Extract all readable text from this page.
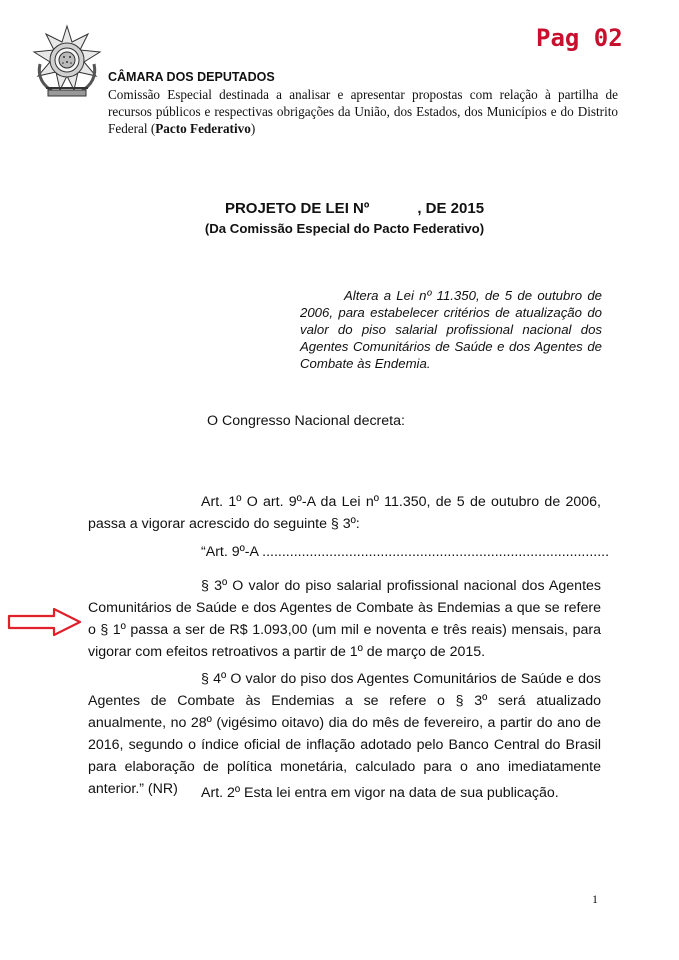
Pag 02
CÂMARA DOS DEPUTADOS
Comissão Especial destinada a analisar e apresentar propostas com relação à partilha de recursos públicos e respectivas obrigações da União, dos Estados, dos Municípios e do Distrito Federal (Pacto Federativo)
PROJETO DE LEI Nº	, DE 2015
(Da Comissão Especial do Pacto Federativo)
Altera a Lei nº 11.350, de 5 de outubro de 2006, para estabelecer critérios de atualização do valor do piso salarial profissional nacional dos Agentes Comunitários de Saúde e dos Agentes de Combate às Endemia.
O Congresso Nacional decreta:
Art. 1º O art. 9º-A da Lei nº 11.350, de 5 de outubro de 2006, passa a vigorar acrescido do seguinte § 3º:
“Art. 9º-A ........................................................................................
§ 3º O valor do piso salarial profissional nacional dos Agentes Comunitários de Saúde e dos Agentes de Combate às Endemias a que se refere o § 1º passa a ser de R$ 1.093,00 (um mil e noventa e três reais) mensais, para vigorar com efeitos retroativos a partir de 1º de março de 2015.
§ 4º O valor do piso dos Agentes Comunitários de Saúde e dos Agentes de Combate às Endemias a se refere o § 3º será atualizado anualmente, no 28º (vigésimo oitavo) dia do mês de fevereiro, a partir do ano de 2016, segundo o índice oficial de inflação adotado pelo Banco Central do Brasil para elaboração de política monetária, calculado para o ano imediatamente anterior.” (NR)	Art. 2º Esta lei entra em vigor na data de sua publicação.
1
